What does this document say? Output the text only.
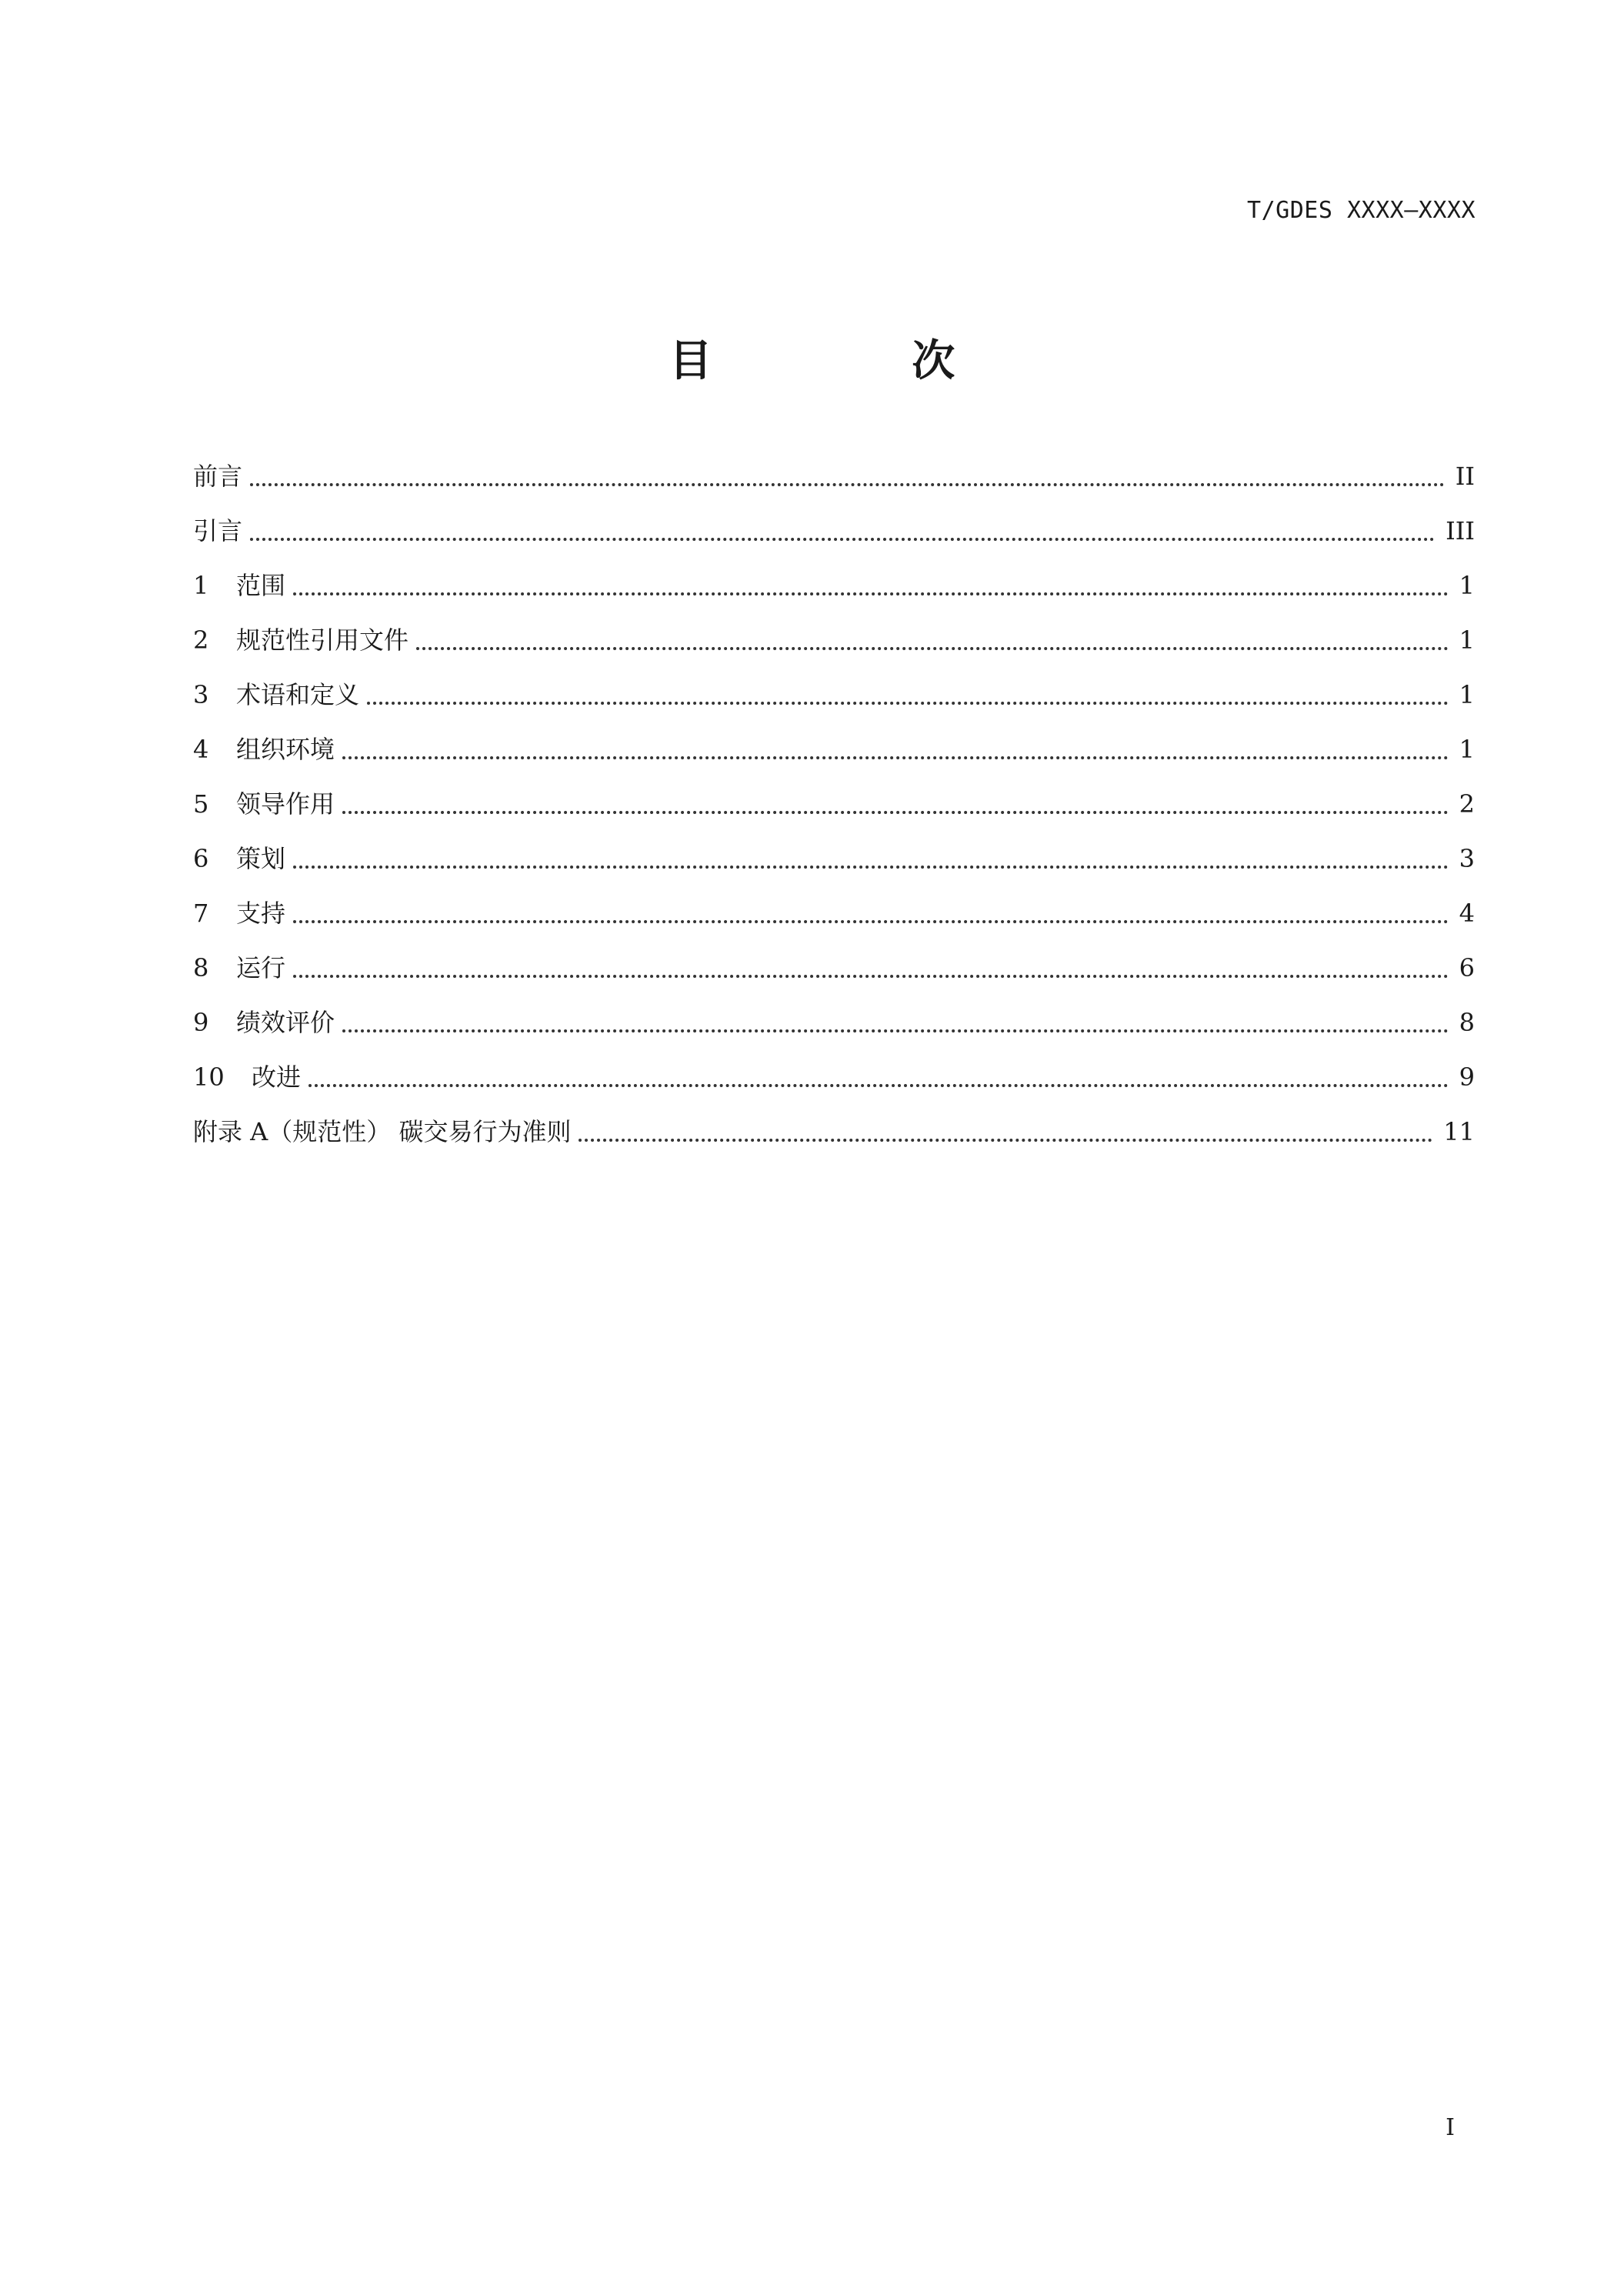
T/GDES XXXX—XXXX
目 次
前言	II
引言	III
1	范围	1
2	规范性引用文件	1
3	术语和定义	1
4	组织环境	1
5	领导作用	2
6	策划	3
7	支持	4
8	运行	6
9	绩效评价	8
10	改进	9
附录 A（规范性） 碳交易行为准则	11
I
